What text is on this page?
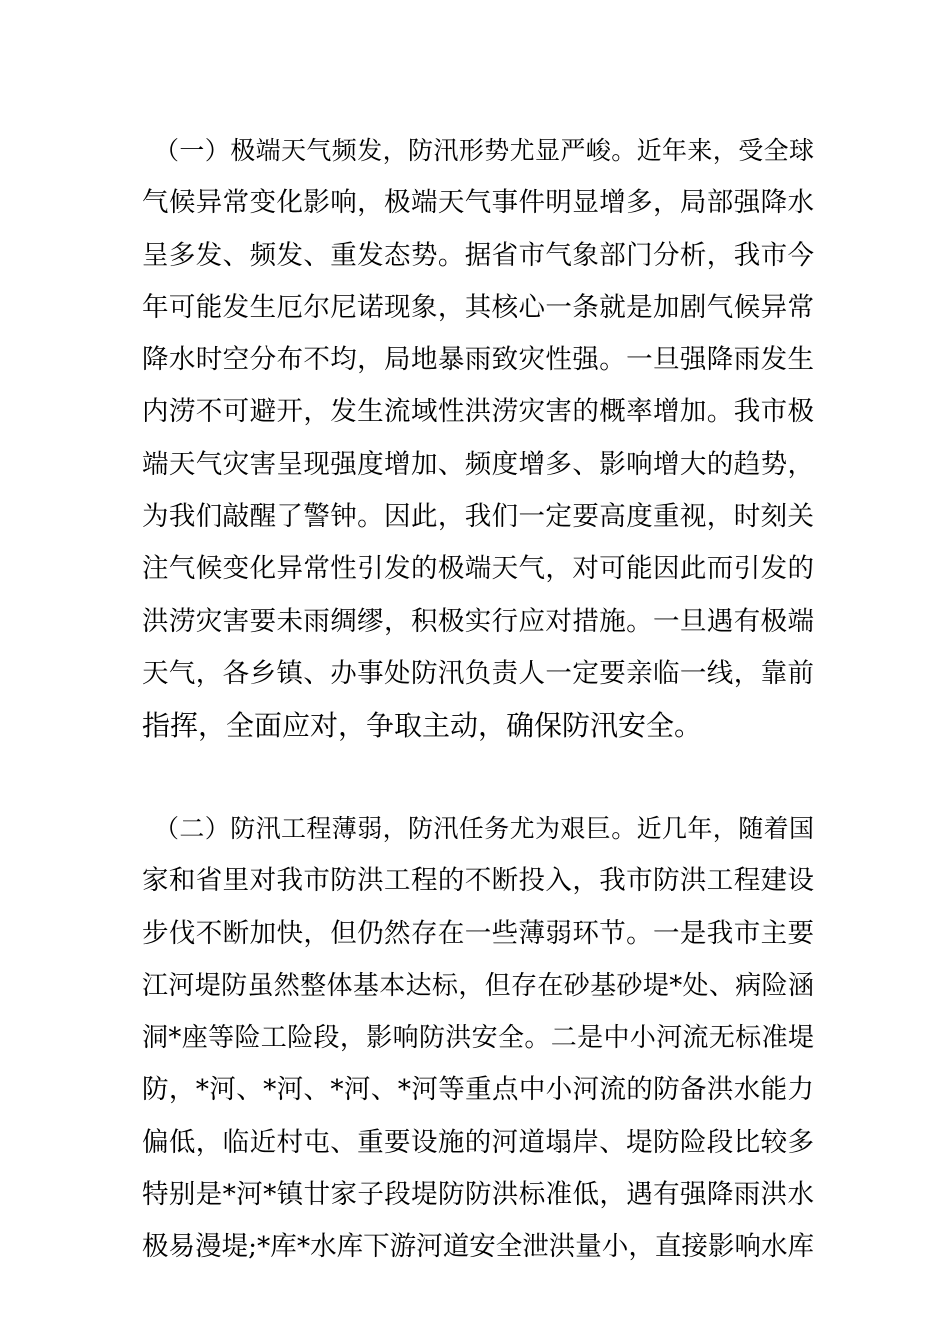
（一）极端天气频发，防汛形势尤显严峻。近年来，受全球
气候异常变化影响，极端天气事件明显增多，局部强降水
呈多发、频发、重发态势。据省市气象部门分析，我市今
年可能发生厄尔尼诺现象，其核心一条就是加剧气候异常
降水时空分布不均，局地暴雨致灾性强。一旦强降雨发生
内涝不可避开，发生流域性洪涝灾害的概率增加。我市极
端天气灾害呈现强度增加、频度增多、影响增大的趋势，
为我们敲醒了警钟。因此，我们一定要高度重视，时刻关
注气候变化异常性引发的极端天气，对可能因此而引发的
洪涝灾害要未雨绸缪，积极实行应对措施。一旦遇有极端
天气，各乡镇、办事处防汛负责人一定要亲临一线，靠前
指挥，全面应对，争取主动，确保防汛安全。
（二）防汛工程薄弱，防汛任务尤为艰巨。近几年，随着国
家和省里对我市防洪工程的不断投入，我市防洪工程建设
步伐不断加快，但仍然存在一些薄弱环节。一是我市主要
江河堤防虽然整体基本达标，但存在砂基砂堤*处、病险涵
洞*座等险工险段，影响防洪安全。二是中小河流无标准堤
防，*河、*河、*河、*河等重点中小河流的防备洪水能力
偏低，临近村屯、重要设施的河道塌岸、堤防险段比较多
特别是*河*镇廿家子段堤防防洪标准低，遇有强降雨洪水
极易漫堤;*库*水库下游河道安全泄洪量小，直接影响水库
